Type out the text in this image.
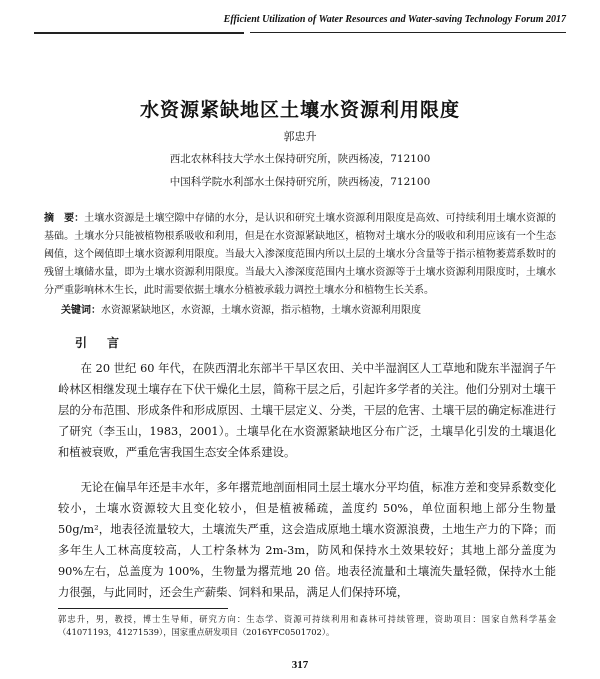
Efficient Utilization of Water Resources and Water-saving Technology Forum 2017
水资源紧缺地区土壤水资源利用限度
郭忠升
西北农林科技大学水土保持研究所，陕西杨凌，712100
中国科学院水利部水土保持研究所，陕西杨凌，712100
摘　要：土壤水资源是土壤空隙中存储的水分，是认识和研究土壤水资源利用限度是高效、可持续利用土壤水资源的基础。土壤水分只能被植物根系吸收和利用，但是在水资源紧缺地区，植物对土壤水分的吸收和利用应该有一个生态阈值，这个阈值即土壤水资源利用限度。当最大入渗深度范围内所以土层的土壤水分含量等于指示植物萎蔫系数时的残留土壤储水量，即为土壤水资源利用限度。当最大入渗深度范围内土壤水资源等于土壤水资源利用限度时，土壤水分严重影响林木生长，此时需要依据土壤水分植被承载力调控土壤水分和植物生长关系。
关键词：水资源紧缺地区，水资源，土壤水资源，指示植物，土壤水资源利用限度
引　言

在 20 世纪 60 年代，在陕西渭北东部半干旱区农田、关中半湿润区人工草地和陇东半湿润子午岭林区相继发现土壤存在下伏干燥化土层，简称干层之后，引起许多学者的关注。他们分别对土壤干层的分布范围、形成条件和形成原因、土壤干层定义、分类，干层的危害、土壤干层的确定标准进行了研究（李玉山，1983，2001）。土壤旱化在水资源紧缺地区分布广泛，土壤旱化引发的土壤退化和植被衰败，严重危害我国生态安全体系建设。

无论在偏旱年还是丰水年，多年撂荒地剖面相同土层土壤水分平均值，标准方差和变异系数变化较小，土壤水资源较大且变化较小，但是植被稀疏，盖度约 50%，单位面积地上部分生物量 50g/m²，地表径流量较大，土壤流失严重，这会造成原地土壤水资源浪费，土地生产力的下降；而多年生人工林高度较高，人工柠条林为 2m-3m，防风和保持水土效果较好；其地上部分盖度为 90%左右，总盖度为 100%，生物量为撂荒地 20 倍。地表径流量和土壤流失量轻微，保持水土能力很强，与此同时，还会生产薪柴、饲料和果品，满足人们保持环境，

郭忠升，男，教授，博士生导师，研究方向：生态学、资源可持续利用和森林可持续管理，资助项目：国家自然科学基金（41071193，41271539），国家重点研发项目（2016YFC0501702）。
317
